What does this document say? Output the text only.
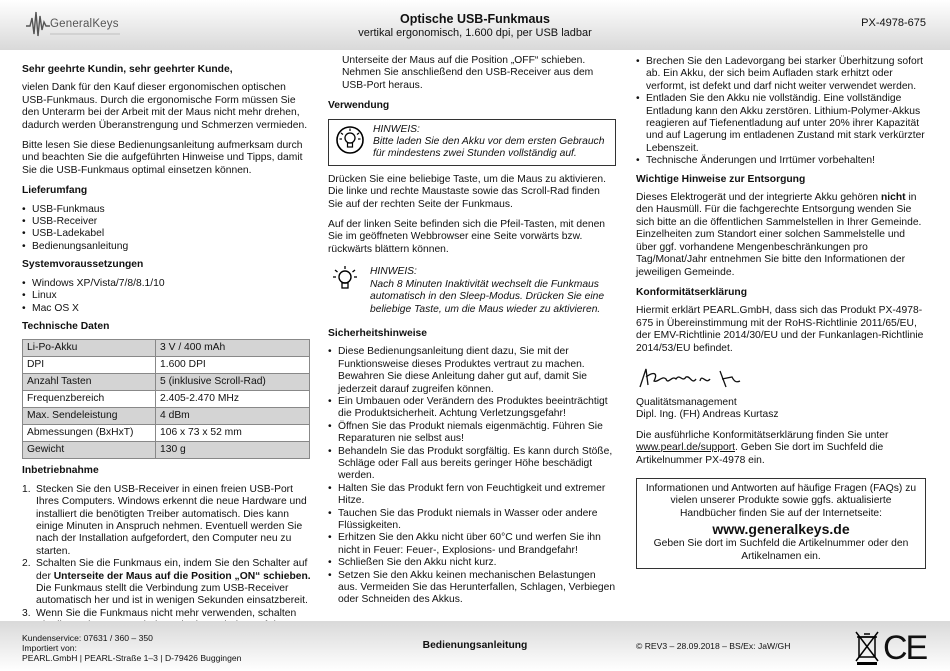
GeneralKeys	Optische USB-Funkmaus
vertikal ergonomisch, 1.600 dpi, per USB ladbar
PX-4978-675
Sehr geehrte Kundin, sehr geehrter Kunde,

vielen Dank für den Kauf dieser ergonomischen optischen USB-Funkmaus. Durch die ergonomische Form müssen Sie den Unterarm bei der Arbeit mit der Maus nicht mehr drehen, dadurch werden Überanstrengung und Schmerzen vermieden.

Bitte lesen Sie diese Bedienungsanleitung aufmerksam durch und beachten Sie die aufgeführten Hinweise und Tipps, damit Sie die USB-Funkmaus optimal einsetzen können.

Lieferumfang
• USB-Funkmaus
• USB-Receiver
• USB-Ladekabel
• Bedienungsanleitung
Systemvoraussetzungen
• Windows XP/Vista/7/8/8.1/10
• Linux
• Mac OS X
Technische Daten
Li-Po-Akku	3 V / 400 mAh
DPI	1.600 DPI
Anzahl Tasten	5 (inklusive Scroll-Rad)
Frequenzbereich	2.405-2.470 MHz
Max. Sendeleistung	4 dBm
Abmessungen (BxHxT)	106 x 73 x 52 mm
Gewicht	130 g
Inbetriebnahme
1. Stecken Sie den USB-Receiver in einen freien USB-Port Ihres Computers. Windows erkennt die neue Hardware und installiert die benötigten Treiber automatisch. Dies kann einige Minuten in Anspruch nehmen. Eventuell werden Sie nach der Installation aufgefordert, den Computer neu zu starten.
2. Schalten Sie die Funkmaus ein, indem Sie den Schalter auf der Unterseite der Maus auf die Position „ON“ schieben. Die Funkmaus stellt die Verbindung zum USB-Receiver automatisch her und ist in wenigen Sekunden einsatzbereit.
3. Wenn Sie die Funkmaus nicht mehr verwenden, schalten

Unterseite der Maus auf die Position „OFF“ schieben. Nehmen Sie anschließend den USB-Receiver aus dem USB-Port heraus.

Verwendung
HINWEIS:
Bitte laden Sie den Akku vor dem ersten Gebrauch für mindestens zwei Stunden vollständig auf.

Drücken Sie eine beliebige Taste, um die Maus zu aktivieren. Die linke und rechte Maustaste sowie das Scroll-Rad finden Sie auf der rechten Seite der Funkmaus.

Auf der linken Seite befinden sich die Pfeil-Tasten, mit denen Sie im geöffneten Webbrowser eine Seite vorwärts bzw. rückwärts blättern können.

HINWEIS:
Nach 8 Minuten Inaktivität wechselt die Funkmaus automatisch in den Sleep-Modus. Drücken Sie eine beliebige Taste, um die Maus wieder zu aktivieren.
Sicherheitshinweise
• Diese Bedienungsanleitung dient dazu, Sie mit der Funktionsweise dieses Produktes vertraut zu machen. Bewahren Sie diese Anleitung daher gut auf, damit Sie jederzeit darauf zugreifen können.
• Ein Umbauen oder Verändern des Produktes beeinträchtigt die Produktsicherheit. Achtung Verletzungsgefahr!
• Öffnen Sie das Produkt niemals eigenmächtig. Führen Sie Reparaturen nie selbst aus!
• Behandeln Sie das Produkt sorgfältig. Es kann durch Stöße, Schläge oder Fall aus bereits geringer Höhe beschädigt werden.
• Halten Sie das Produkt fern von Feuchtigkeit und extremer Hitze.
• Tauchen Sie das Produkt niemals in Wasser oder andere Flüssigkeiten.
• Erhitzen Sie den Akku nicht über 60°C und werfen Sie ihn nicht in Feuer: Feuer-, Explosions- und Brandgefahr!
• Schließen Sie den Akku nicht kurz.
• Setzen Sie den Akku keinen mechanischen Belastungen aus. Vermeiden Sie das Herunterfallen, Schlagen, Verbiegen oder Schneiden des Akkus.
• Brechen Sie den Ladevorgang bei starker Überhitzung sofort ab. Ein Akku, der sich beim Aufladen stark erhitzt oder verformt, ist defekt und darf nicht weiter verwendet werden.
• Entladen Sie den Akku nie vollständig. Eine vollständige Entladung kann den Akku zerstören. Lithium-Polymer-Akkus reagieren auf Tiefenentladung auf unter 20% ihrer Kapazität und auf Lagerung im entladenen Zustand mit stark verkürzter Lebenszeit.
• Technische Änderungen und Irrtümer vorbehalten!
Wichtige Hinweise zur Entsorgung

Dieses Elektrogerät und der integrierte Akku gehören nicht in den Hausmüll. Für die fachgerechte Entsorgung wenden Sie sich bitte an die öffentlichen Sammelstellen in Ihrer Gemeinde. Einzelheiten zum Standort einer solchen Sammelstelle und über ggf. vorhandene Mengenbeschränkungen pro Tag/Monat/Jahr entnehmen Sie bitte den Informationen der jeweiligen Gemeinde.

Konformitätserklärung

Hiermit erklärt PEARL.GmbH, dass sich das Produkt PX-4978-675 in Übereinstimmung mit der RoHS-Richtlinie 2011/65/EU, der EMV-Richtlinie 2014/30/EU und der Funkanlagen-Richtlinie 2014/53/EU befindet.

Qualitätsmanagement

Dipl. Ing. (FH) Andreas Kurtasz

Die ausführliche Konformitätserklärung finden Sie unter www.pearl.de/support. Geben Sie dort im Suchfeld die Artikelnummer PX-4978 ein.

Informationen und Antworten auf häufige Fragen (FAQs) zu vielen unserer Produkte sowie ggfs. aktualisierte Handbücher finden Sie auf der Internetseite:
www.generalkeys.de
Geben Sie dort im Suchfeld die Artikelnummer oder den Artikelnamen ein.
Kundenservice: 07631 / 360 – 350
Importiert von:
PEARL.GmbH | PEARL-Straße 1–3 | D-79426 Buggingen
Bedienungsanleitung	© REV3 – 28.09.2018 – BS/Ex: JaW/GH	CE
